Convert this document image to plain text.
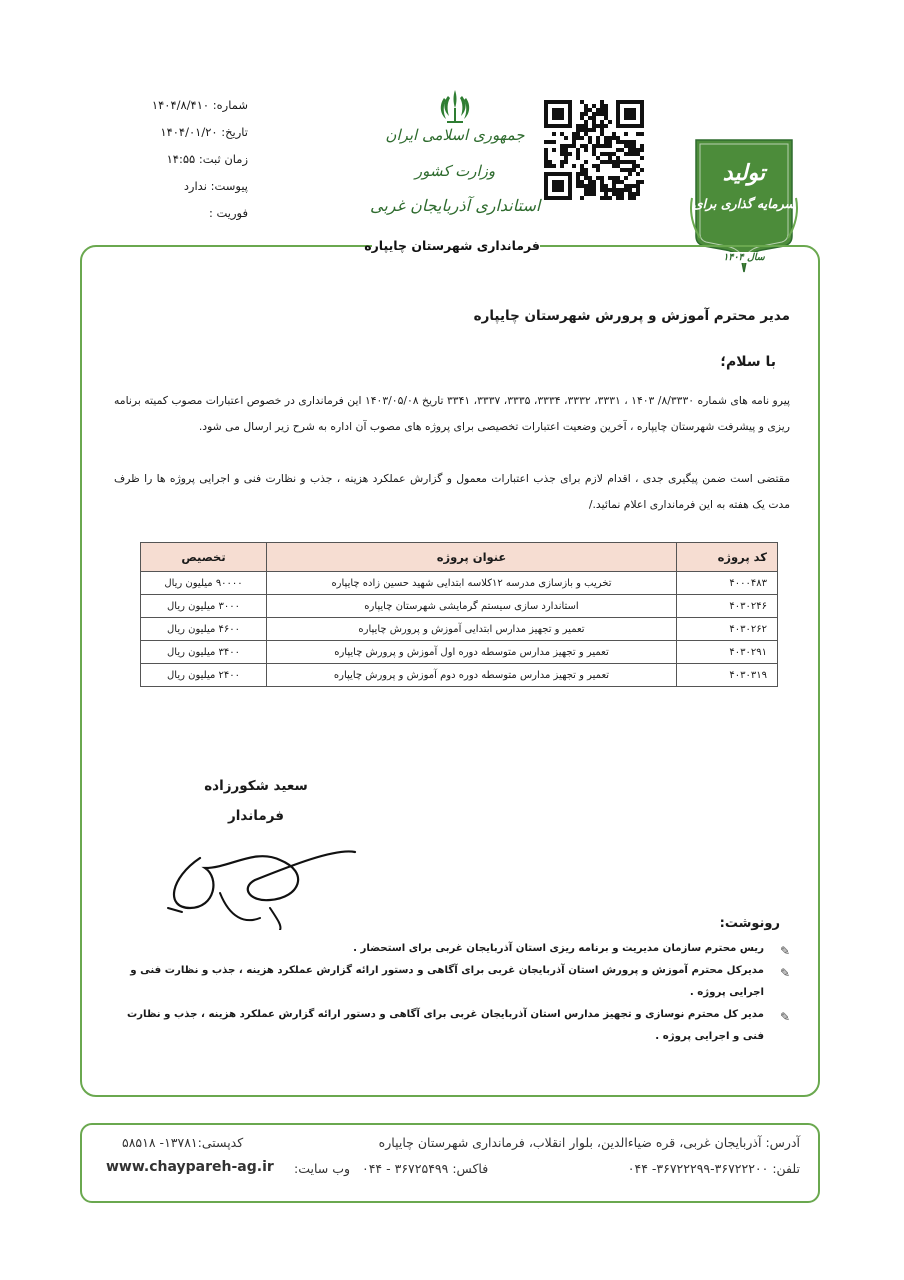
شماره: ۱۴۰۴/۸/۴۱۰
تاریخ: ۱۴۰۴/۰۱/۲۰
زمان ثبت: ۱۴:۵۵
پیوست: ندارد
فوریت :
جمهوری اسلامی ایران
وزارت کشور
استانداری آذربایجان غربی
تولید
سرمایه گذاری برای
سال ۱۴۰۴
فرمانداری شهرستان چایپاره
مدیر محترم آموزش و پرورش شهرستان چایپاره
با سلام؛
پیرو نامه های شماره ۸/۳۳۳۰/ ۱۴۰۳ ، ۳۳۳۱، ۳۳۳۲، ۳۳۳۴، ۳۳۳۵، ۳۳۳۷، ۳۳۴۱ تاریخ ۱۴۰۳/۰۵/۰۸ این فرمانداری در خصوص اعتبارات مصوب کمیته برنامه ریزی و پیشرفت شهرستان چایپاره ، آخرین وضعیت اعتبارات تخصیصی برای پروژه های مصوب آن اداره به شرح زیر ارسال می شود.
مقتضی است ضمن پیگیری جدی ، اقدام لازم برای جذب اعتبارات معمول و گزارش عملکرد هزینه ، جذب و نظارت فنی و اجرایی پروژه ها را ظرف مدت یک هفته به این فرمانداری اعلام نمائید./
کد پروژه	عنوان پروژه	تخصیص
۴۰۰۰۴۸۳	تخریب و بازسازی مدرسه ۱۲کلاسه ابتدایی شهید حسین زاده چایپاره	۹۰۰۰۰ میلیون ریال
۴۰۳۰۲۴۶	استاندارد سازی سیستم گرمایشی شهرستان چایپاره	۳۰۰۰ میلیون ریال
۴۰۳۰۲۶۲	تعمیر و تجهیز مدارس ابتدایی آموزش و پرورش چایپاره	۴۶۰۰ میلیون ریال
۴۰۳۰۲۹۱	تعمیر و تجهیز مدارس متوسطه دوره اول آموزش و پرورش چایپاره	۳۴۰۰ میلیون ریال
۴۰۳۰۳۱۹	تعمیر و تجهیز مدارس متوسطه دوره دوم آموزش و پرورش چایپاره	۲۴۰۰ میلیون ریال
سعید شکورزاده
فرماندار
رونوشت:
✎
ریس محترم سازمان مدیریت و برنامه ریزی استان آذربایجان غربی برای استحضار .
✎
مدیرکل محترم آموزش و پرورش استان آذربایجان غربی برای آگاهی و دستور ارائه گزارش عملکرد هزینه ، جذب و نظارت فنی و اجرایی پروژه .
✎
مدیر کل محترم نوسازی و تجهیز مدارس استان آذربایجان غربی برای آگاهی و دستور ارائه گزارش عملکرد هزینه ، جذب و نظارت فنی و اجرایی پروژه .
آدرس: آذربایجان غربی، قره ضیاءالدین، بلوار انقلاب، فرمانداری شهرستان چایپاره
کدپستی:۱۳۷۸۱- ۵۸۵۱۸
تلفن: ۳۶۷۲۲۲۰۰-۳۶۷۲۲۲۹۹- ۰۴۴
فاکس: ۳۶۷۲۵۴۹۹ - ۰۴۴
وب سایت:
www.chaypareh-ag.ir
